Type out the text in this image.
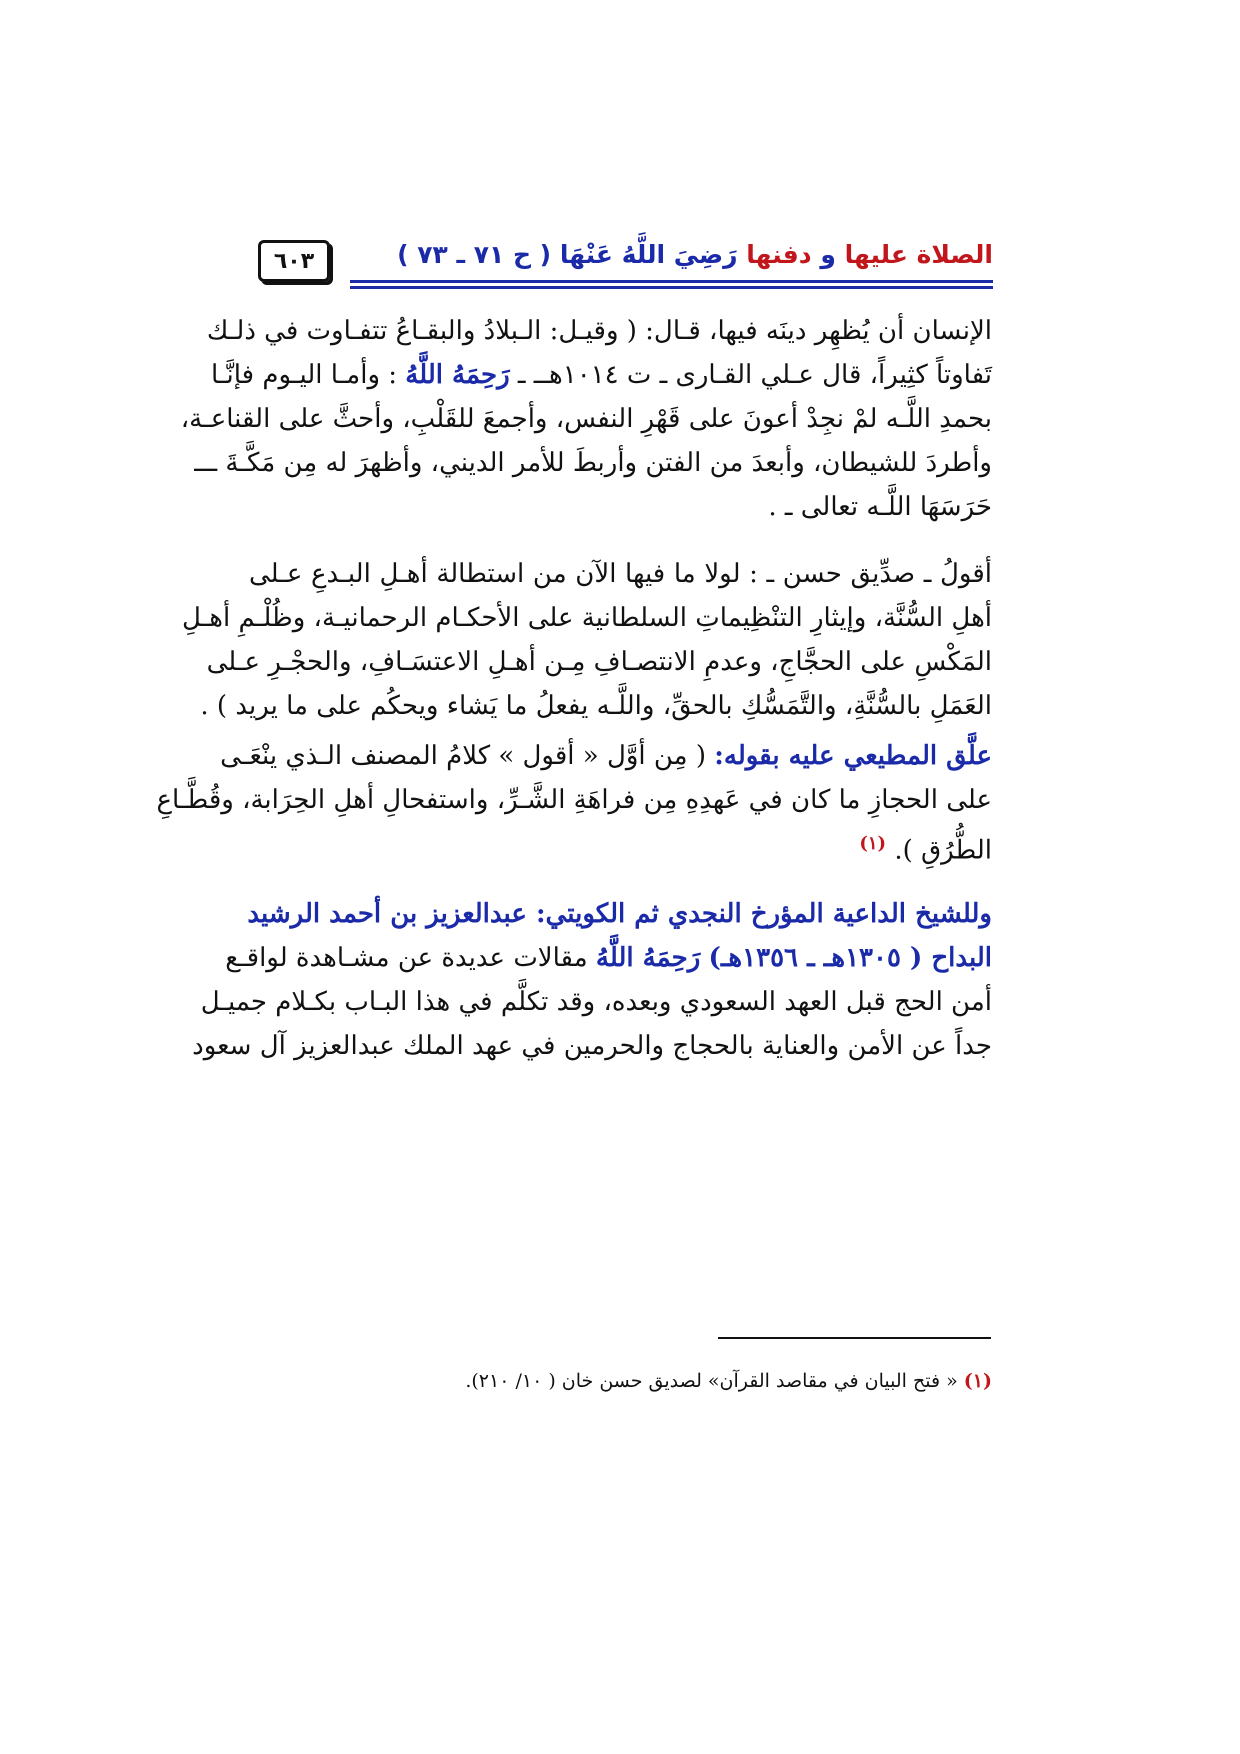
٦٠٣	الصلاة عليها و دفنها رَضِيَ اللَّهُ عَنْهَا ( ح ٧١ ـ ٧٣ )
الإنسان أن يُظهِر دينَه فيها، قـال: ( وقيـل: الـبلادُ والبقـاعُ تتفـاوت في ذلـك
تَفاوتاً كثِيراً، قال عـلي القـارى ـ ت ١٠١٤هــ ـ رَحِمَهُ اللَّهُ : وأمـا اليـوم فإنَّـا
بحمدِ اللَّـه لمْ نجِدْ أعونَ على قَهْرِ النفس، وأجمعَ للقَلْبِ، وأحثَّ على القناعـة،
وأطردَ للشيطان، وأبعدَ من الفتن وأربطَ للأمر الديني، وأظهرَ له مِن مَكَّـةَ ـــ
حَرَسَهَا اللَّـه تعالى ـ .
أقولُ ـ صدِّيق حسن ـ : لولا ما فيها الآن من استطالة أهـلِ البـدعِ عـلى
أهلِ السُّنَّة، وإيثارِ التنْظِيماتِ السلطانية على الأحكـام الرحمانيـة، وظُلْـمِ أهـلِ
المَكْسِ على الحجَّاجِ، وعدمِ الانتصـافِ مِـن أهـلِ الاعتسَـافِ، والحجْـرِ عـلى
العَمَلِ بالسُّنَّةِ، والتَّمَسُّكِ بالحقِّ، واللَّـه يفعلُ ما يَشاء ويحكُم على ما يريد ) .
علَّق المطيعي عليه بقوله: ( مِن أوَّل « أقول » كلامُ المصنف الـذي ينْعَـى
على الحجازِ ما كان في عَهدِهِ مِن فراهَةِ الشَّـرِّ، واستفحالِ أهلِ الحِرَابة، وقُطَّـاعِ
الطُّرُقِ ). $^{(١)}$
وللشيخ الداعية المؤرخ النجدي ثم الكويتي: عبدالعزيز بن أحمد الرشيد
البداح ( ١٣٠٥هـ ـ ١٣٥٦هـ) رَحِمَهُ اللَّهُ مقالات عديدة عن مشـاهدة لواقـع
أمن الحج قبل العهد السعودي وبعده، وقد تكلَّم في هذا البـاب بكـلام جميـل
جداً عن الأمن والعناية بالحجاج والحرمين في عهد الملك عبدالعزيز آل سعود
(١) « فتح البيان في مقاصد القرآن» لصديق حسن خان ( ١٠/ ٢١٠).
